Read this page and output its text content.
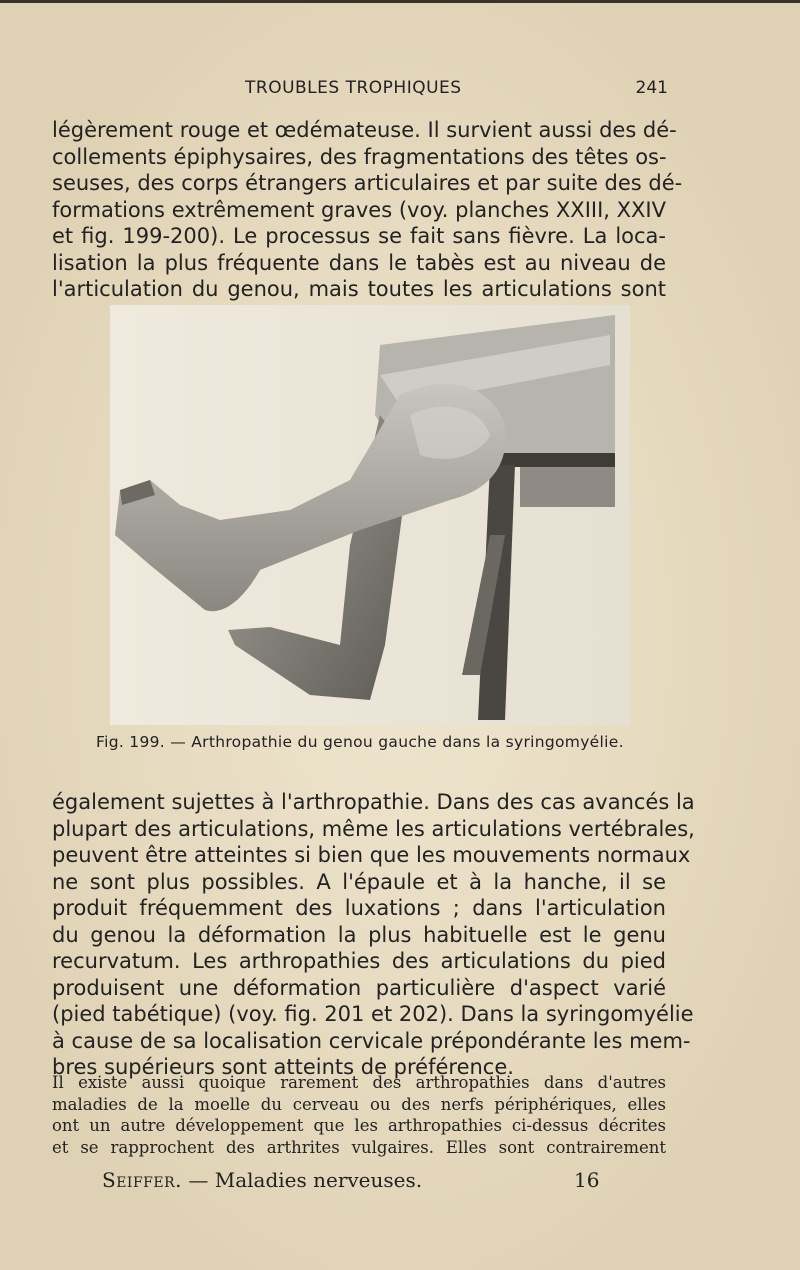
TROUBLES TROPHIQUES	241

légèrement rouge et œdémateuse. Il survient aussi des dé-
collements épiphysaires, des fragmentations des têtes os-
seuses, des corps étrangers articulaires et par suite des dé-
formations extrêmement graves (voy. planches XXIII, XXIV
et fig. 199-200). Le processus se fait sans fièvre. La loca-
lisation la plus fréquente dans le tabès est au niveau de
l'articulation du genou, mais toutes les articulations sont

Fig. 199. — Arthropathie du genou gauche dans la syringomyélie.

également sujettes à l'arthropathie. Dans des cas avancés la
plupart des articulations, même les articulations vertébrales,
peuvent être atteintes si bien que les mouvements normaux
ne sont plus possibles. A l'épaule et à la hanche, il se
produit fréquemment des luxations ; dans l'articulation
du genou la déformation la plus habituelle est le genu
recurvatum. Les arthropathies des articulations du pied
produisent une déformation particulière d'aspect varié
(pied tabétique) (voy. fig. 201 et 202). Dans la syringomyélie
à cause de sa localisation cervicale prépondérante les mem-
bres supérieurs sont atteints de préférence.

Il existe aussi quoique rarement des arthropathies dans d'autres
maladies de la moelle du cerveau ou des nerfs périphériques, elles
ont un autre développement que les arthropathies ci-dessus décrites
et se rapprochent des arthrites vulgaires. Elles sont contrairement

Seiffer. — Maladies nerveuses.	16
